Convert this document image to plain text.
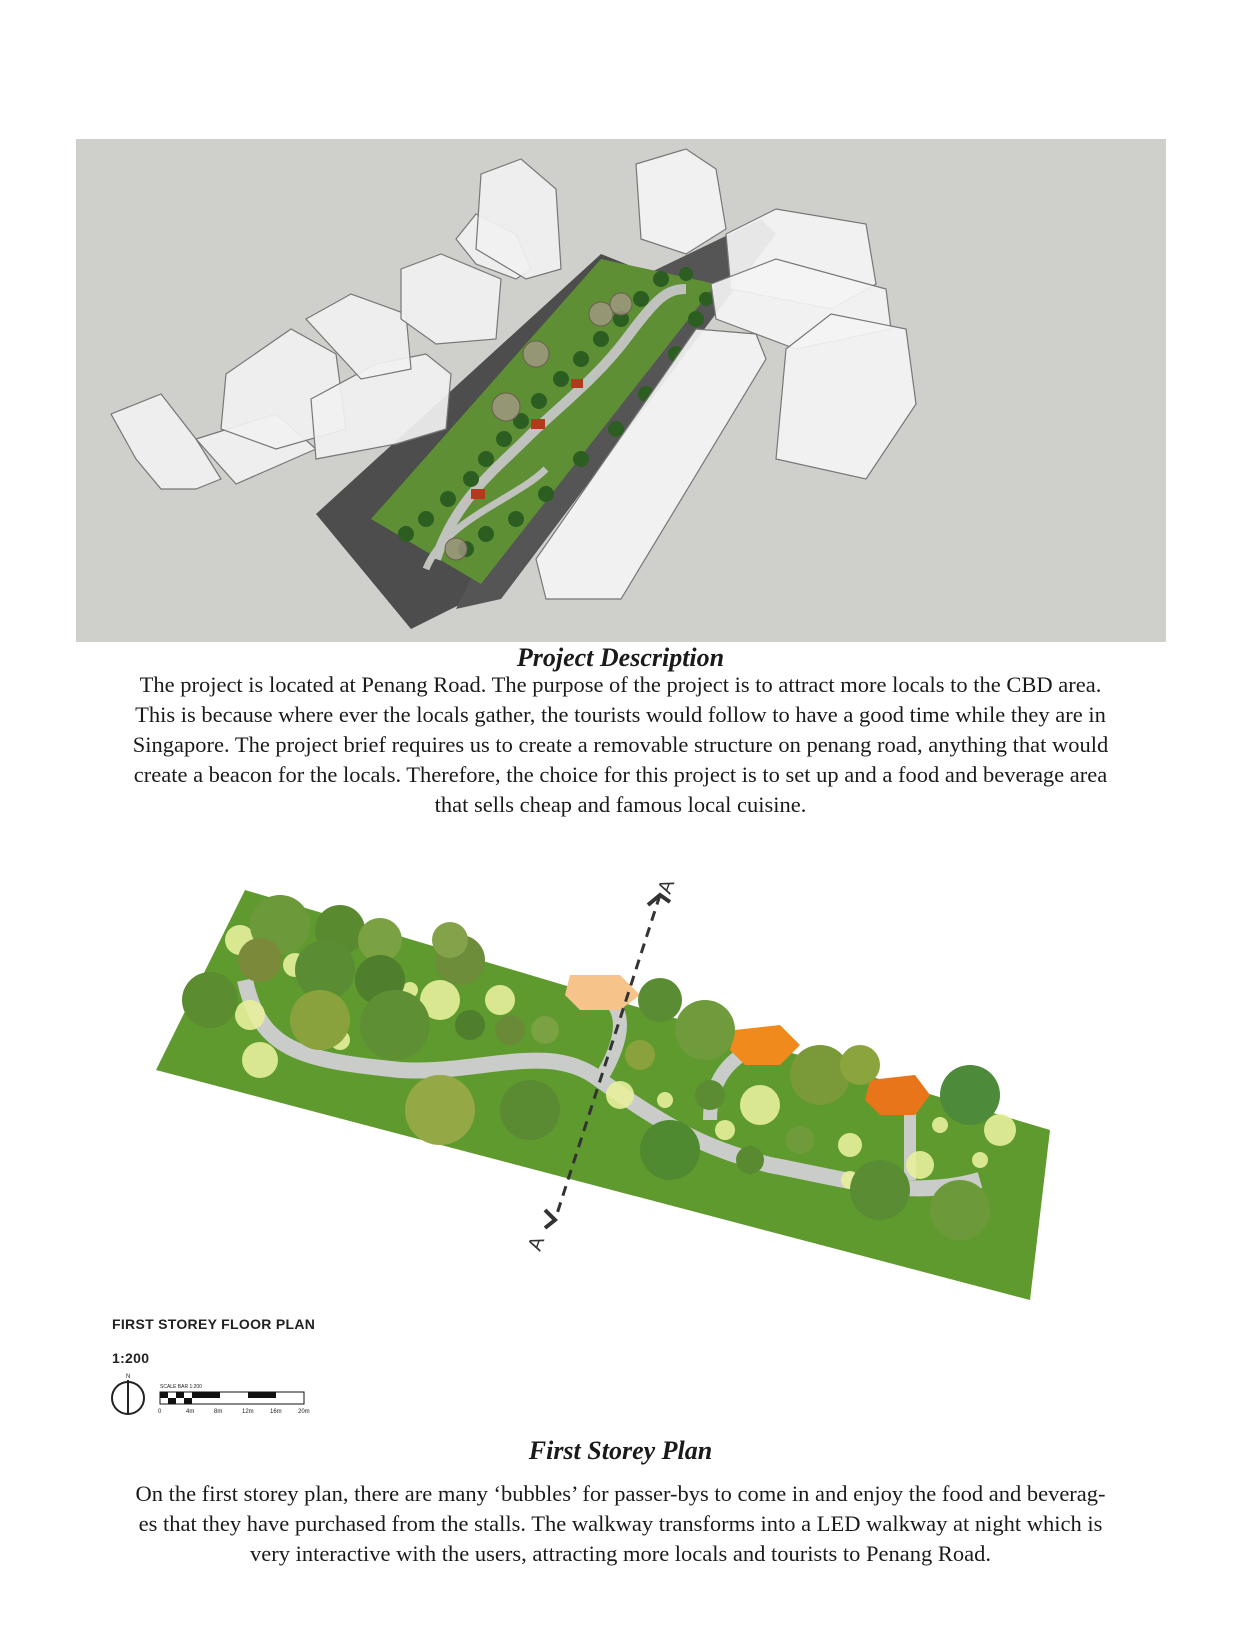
Project Description
The project is located at Penang Road. The purpose of the project is to attract more locals to the CBD area.
This is because where ever the locals gather, the tourists would follow to have a good time while they are in
Singapore. The project brief requires us to create a removable structure on penang road, anything that would
create a beacon for the locals. Therefore, the choice for this project is to set up and a food and beverage area
that sells cheap and famous local cuisine.
A
A
FIRST STOREY FLOOR PLAN
1:200
N
SCALE BAR 1:200
0	4m	8m	12m	16m	20m
First Storey Plan
On the first storey plan, there are many ‘bubbles’ for passer-bys to come in and enjoy the food and beverag-
es that they have purchased from the stalls. The walkway transforms into a LED walkway at night which is
very interactive with the users, attracting more locals and tourists to Penang Road.
